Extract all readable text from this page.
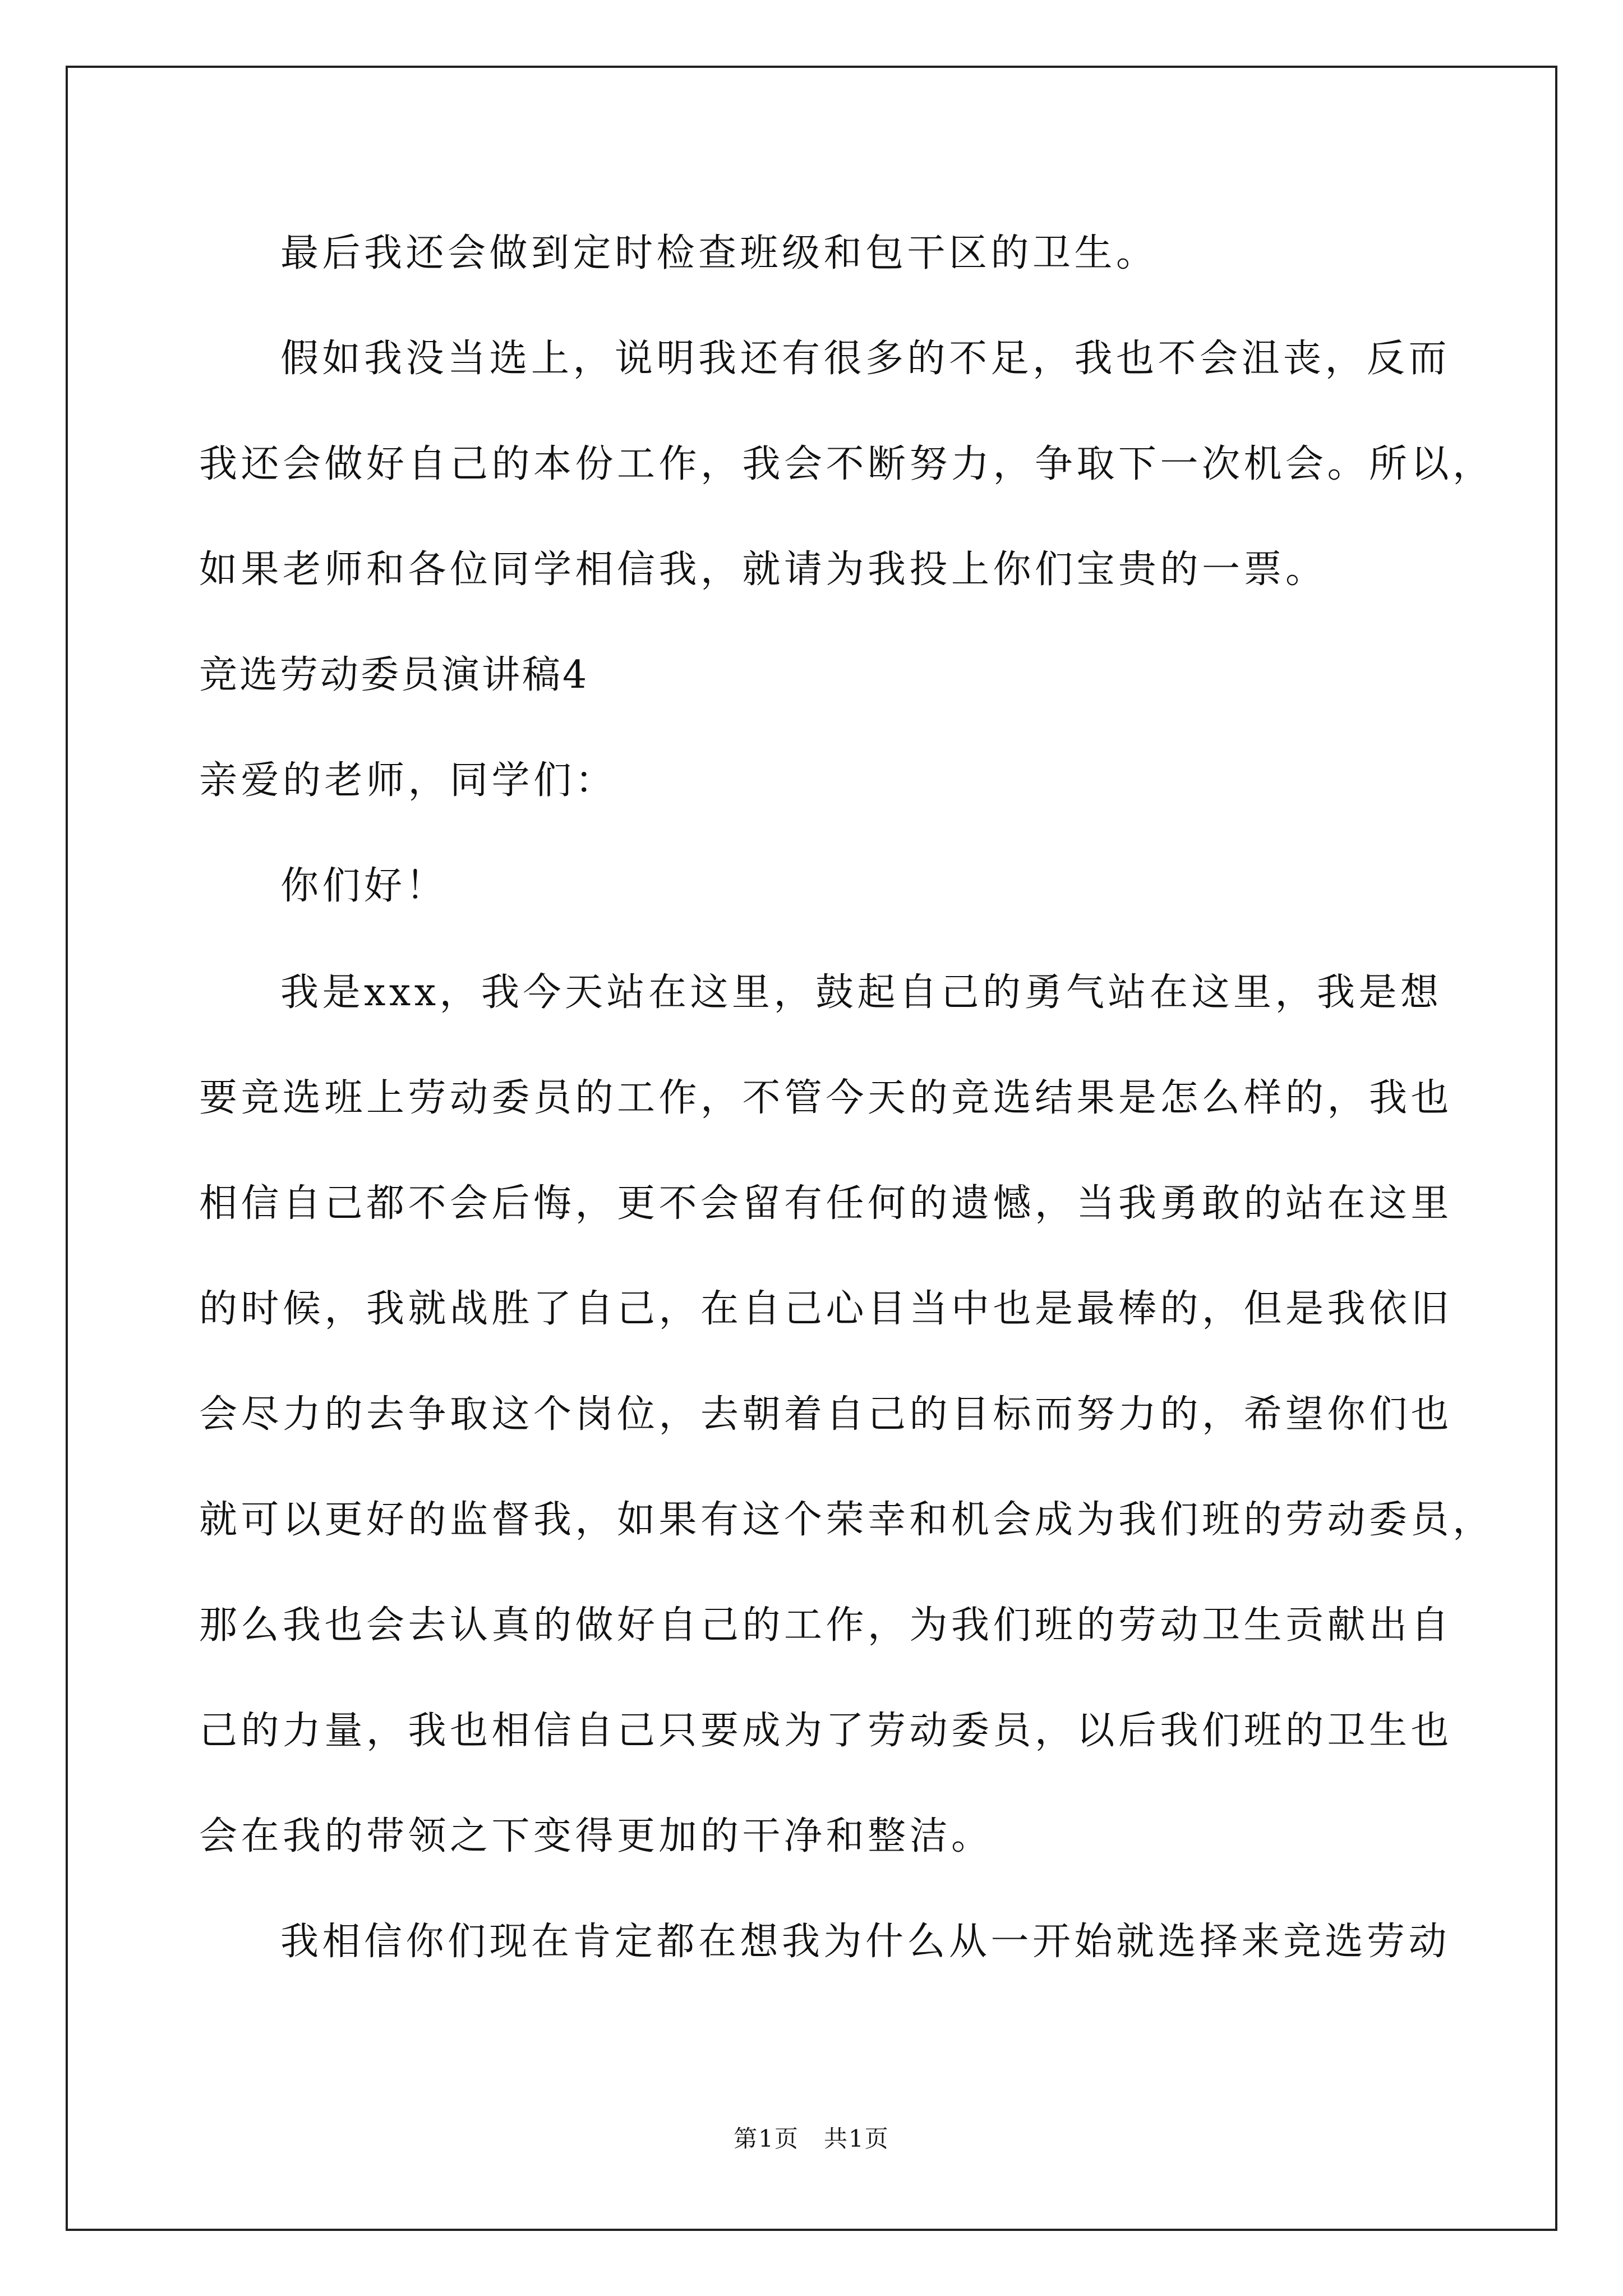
最后我还会做到定时检查班级和包干区的卫生。
假如我没当选上，说明我还有很多的不足，我也不会沮丧，反而
我还会做好自己的本份工作，我会不断努力，争取下一次机会。所以，
如果老师和各位同学相信我，就请为我投上你们宝贵的一票。
竞选劳动委员演讲稿4
亲爱的老师，同学们：
你们好！
我是xxx，我今天站在这里，鼓起自己的勇气站在这里，我是想
要竞选班上劳动委员的工作，不管今天的竞选结果是怎么样的，我也
相信自己都不会后悔，更不会留有任何的遗憾，当我勇敢的站在这里
的时候，我就战胜了自己，在自己心目当中也是最棒的，但是我依旧
会尽力的去争取这个岗位，去朝着自己的目标而努力的，希望你们也
就可以更好的监督我，如果有这个荣幸和机会成为我们班的劳动委员，
那么我也会去认真的做好自己的工作，为我们班的劳动卫生贡献出自
己的力量，我也相信自己只要成为了劳动委员，以后我们班的卫生也
会在我的带领之下变得更加的干净和整洁。
我相信你们现在肯定都在想我为什么从一开始就选择来竞选劳动
第1页　共1页
